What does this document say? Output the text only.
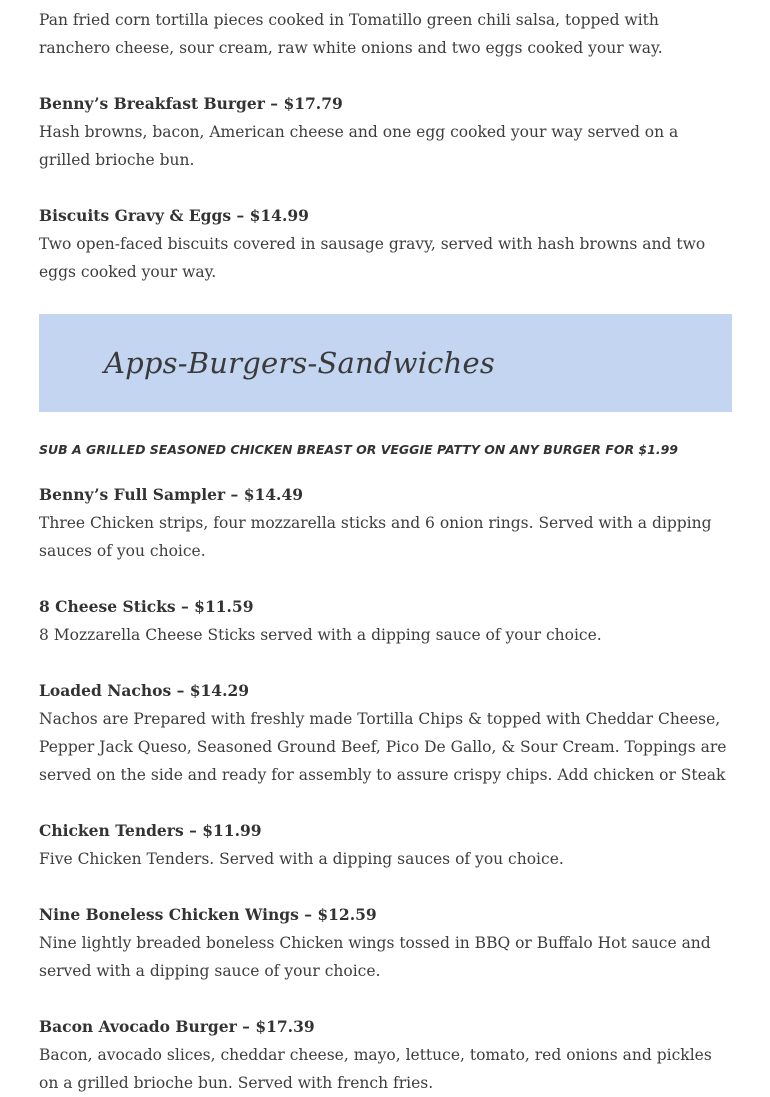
Pan fried corn tortilla pieces cooked in Tomatillo green chili salsa, topped with ranchero cheese, sour cream, raw white onions and two eggs cooked your way.

Benny’s Breakfast Burger – $17.79

Hash browns, bacon, American cheese and one egg cooked your way served on a grilled brioche bun.

Biscuits Gravy & Eggs – $14.99

Two open-faced biscuits covered in sausage gravy, served with hash browns and two eggs cooked your way.

Apps-Burgers-Sandwiches
SUB A GRILLED SEASONED CHICKEN BREAST OR VEGGIE PATTY ON ANY BURGER FOR $1.99

Benny’s Full Sampler – $14.49

Three Chicken strips, four mozzarella sticks and 6 onion rings. Served with a dipping sauces of you choice.

8 Cheese Sticks – $11.59

8 Mozzarella Cheese Sticks served with a dipping sauce of your choice.

Loaded Nachos – $14.29

Nachos are Prepared with freshly made Tortilla Chips & topped with Cheddar Cheese, Pepper Jack Queso, Seasoned Ground Beef, Pico De Gallo, & Sour Cream. Toppings are served on the side and ready for assembly to assure crispy chips. Add chicken or Steak

Chicken Tenders – $11.99

Five Chicken Tenders. Served with a dipping sauces of you choice.

Nine Boneless Chicken Wings – $12.59

Nine lightly breaded boneless Chicken wings tossed in BBQ or Buffalo Hot sauce and served with a dipping sauce of your choice.

Bacon Avocado Burger – $17.39

Bacon, avocado slices, cheddar cheese, mayo, lettuce, tomato, red onions and pickles on a grilled brioche bun. Served with french fries.
